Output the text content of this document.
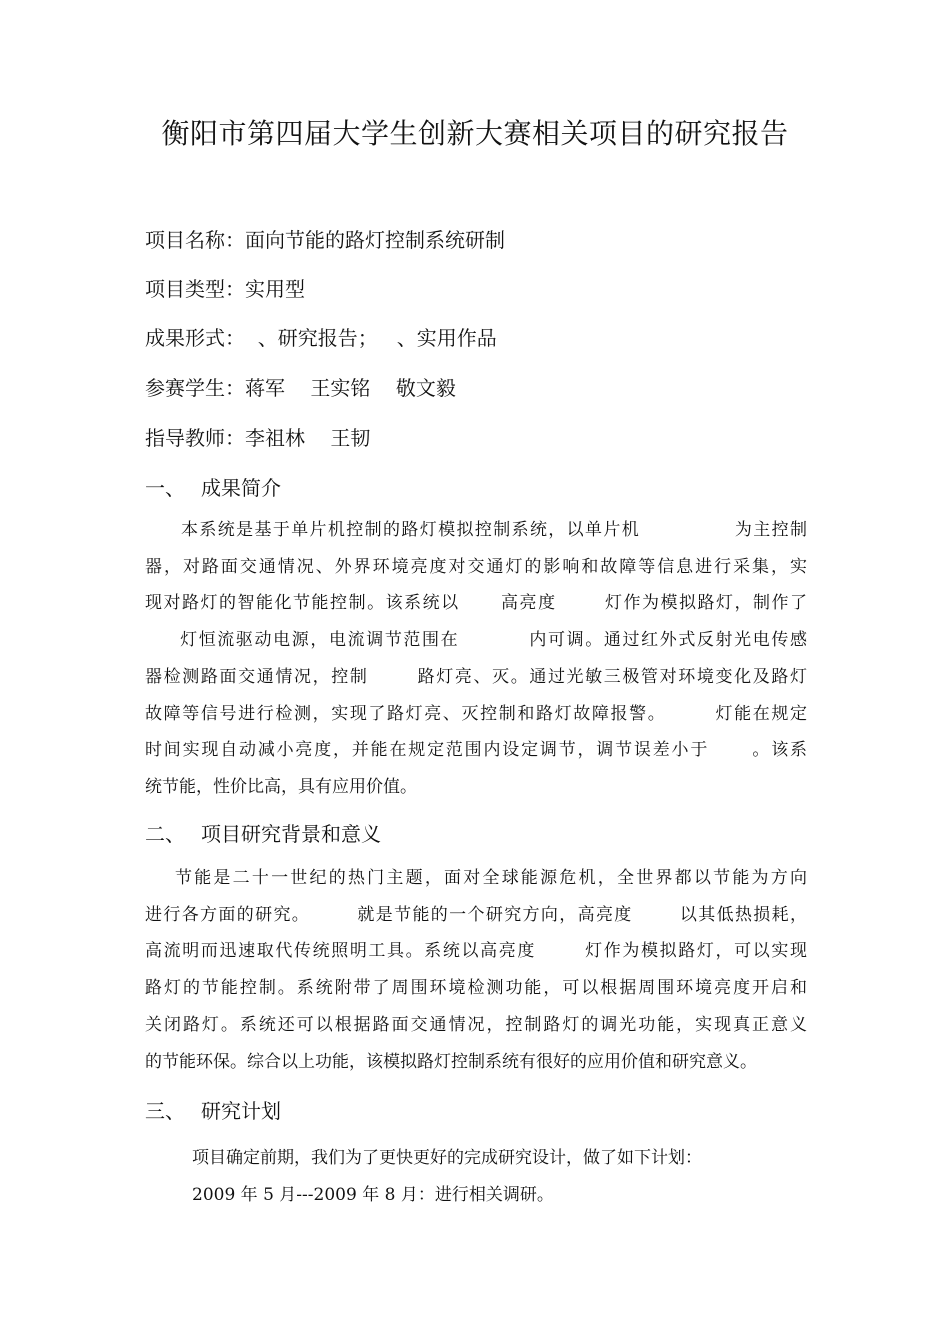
衡阳市第四届大学生创新大赛相关项目的研究报告
项目名称：面向节能的路灯控制系统研制
项目类型：实用型
成果形式：  、研究报告；   、实用作品
参赛学生：蒋军    王实铭    敬文毅
指导教师：李祖林    王韧
一、 成果简介
本系统是基于单片机控制的路灯模拟控制系统，以单片机              为主控制
器，对路面交通情况、外界环境亮度对交通灯的影响和故障等信息进行采集，实
现对路灯的智能化节能控制。该系统以      高亮度       灯作为模拟路灯，制作了
灯恒流驱动电源，电流调节范围在          内可调。通过红外式反射光电传感
器检测路面交通情况，控制       路灯亮、灭。通过光敏三极管对环境变化及路灯
故障等信号进行检测，实现了路灯亮、灭控制和路灯故障报警。       灯能在规定
时间实现自动减小亮度，并能在规定范围内设定调节，调节误差小于      。该系
统节能，性价比高，具有应用价值。
二、 项目研究背景和意义
节能是二十一世纪的热门主题，面对全球能源危机，全世界都以节能为方向
进行各方面的研究。       就是节能的一个研究方向，高亮度       以其低热损耗，
高流明而迅速取代传统照明工具。系统以高亮度       灯作为模拟路灯，可以实现
路灯的节能控制。系统附带了周围环境检测功能，可以根据周围环境亮度开启和
关闭路灯。系统还可以根据路面交通情况，控制路灯的调光功能，实现真正意义
的节能环保。综合以上功能，该模拟路灯控制系统有很好的应用价值和研究意义。
三、 研究计划
项目确定前期，我们为了更快更好的完成研究设计，做了如下计划：
2009 年 5 月---2009 年 8 月：进行相关调研。
